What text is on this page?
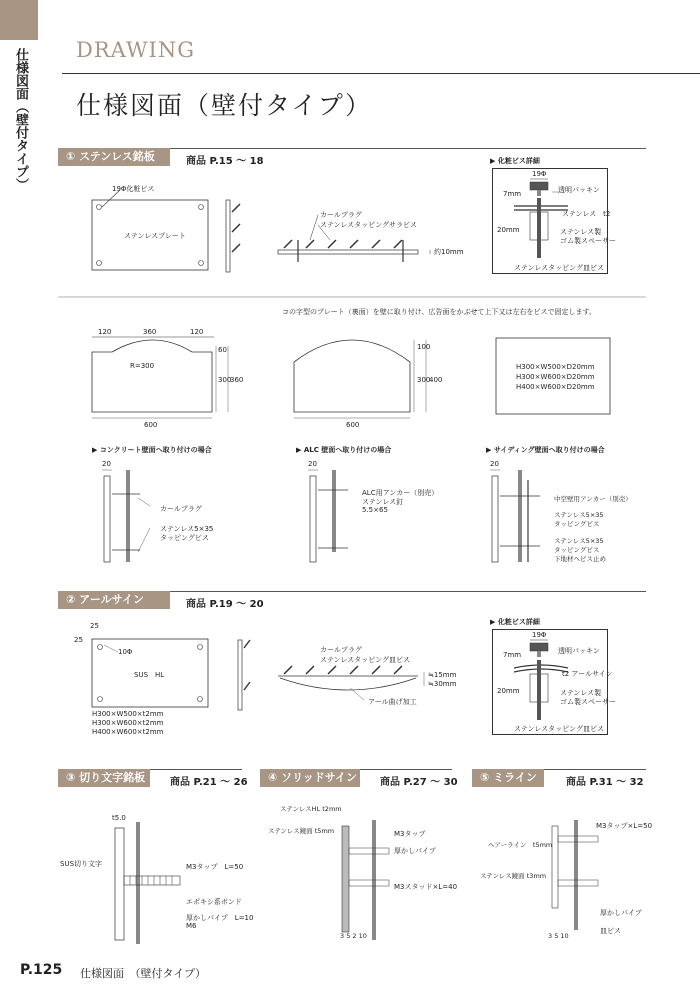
仕様図面（壁付タイプ） DRAWING
仕様図面（壁付タイプ）
① ステンレス銘板	商品 P.15 ～ 18
19Φ化粧ビス
ステンレスプレート
カールプラグ
ステンレスタッピングサラビス
約10mm
▶ 化粧ビス詳細
19Φ
透明パッキン
7mm
ステンレス　t2
20mm	ステンレス製
ゴム製スペーサー
ステンレスタッピング皿ビス
コの字型のプレート（裏面）を壁に取り付け、広告面をかぶせて上下又は左右をビスで固定します。
120	360	120
R=300
60
300
360
600
100
300
400
600
H300×W500×D20mm
H300×W600×D20mm
H400×W600×D20mm
▶ コンクリート壁面へ取り付けの場合	▶ ALC 壁面へ取り付けの場合	▶ サイディング壁面へ取り付けの場合
20
カールプラグ
ステンレス5×35
タッピングビス
20
ALC用アンカー（別売）
ステンレス釘
5.5×65
20
中空壁用アンカー（別売）
ステンレス5×35
タッピングビス
ステンレス5×35
タッピングビス
下地材へビス止め
② アールサイン	商品 P.19 ～ 20
25
25
10Φ
SUS　HL
H300×W500×t2mm
H300×W600×t2mm
H400×W600×t2mm
カールプラグ
ステンレスタッピング皿ビス
≒15mm
≒30mm
アール曲げ加工
▶ 化粧ビス詳細
19Φ
透明パッキン
7mm
t2 アールサイン
20mm	ステンレス製
ゴム製スペーサー
ステンレスタッピング皿ビス
③ 切り文字銘板	商品 P.21 ～ 26	④ ソリッドサイン	商品 P.27 ～ 30	⑤ ミライン	商品 P.31 ～ 32
t5.0
SUS切り文字	M3タップ　L=50
エポキシ系ボンド
厚かしパイプ　L=10
M6
ステンレスHL t2mm
ステンレス鏡面 t5mm	M3タップ
厚かしパイプ
M3スタッド×L=40
3 5 2 10
M3タップ×L=50
ヘアーライン　t5mm
ステンレス鏡面 t3mm
厚かしパイプ
皿ビス
3 5 10
P.125 仕様図面　（壁付タイプ）
